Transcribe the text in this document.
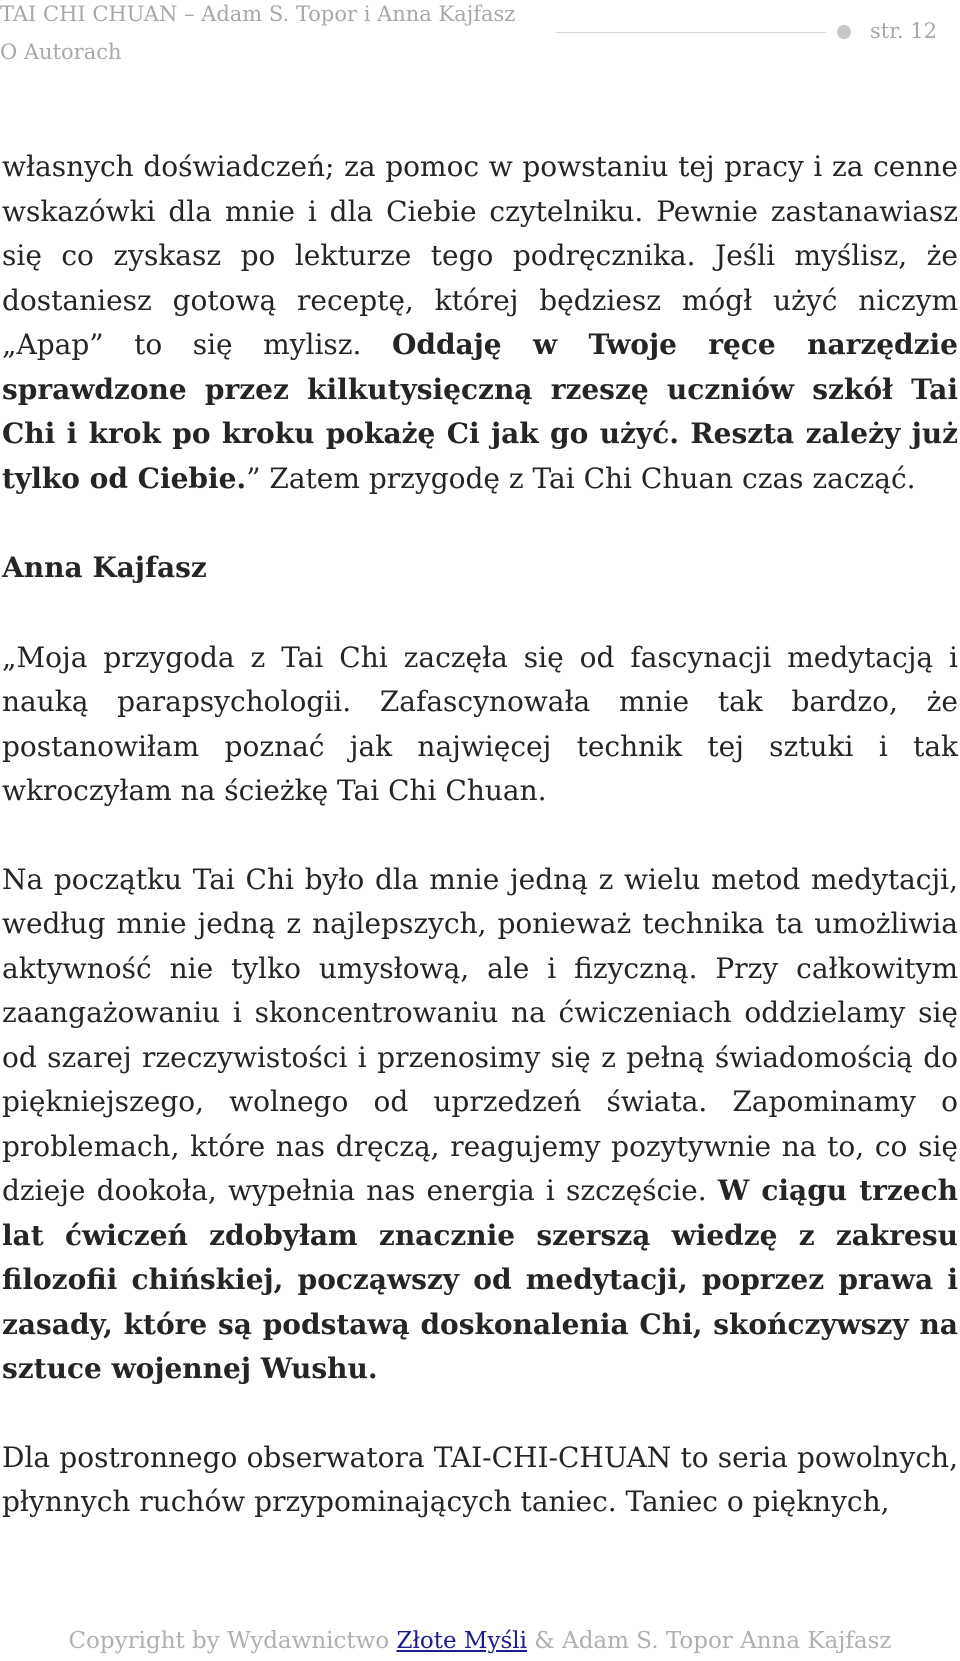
TAI CHI CHUAN – Adam S. Topor i Anna Kajfasz
O Autorach
str. 12

własnych doświadczeń; za pomoc w powstaniu tej pracy i za cenne wskazówki dla mnie i dla Ciebie czytelniku. Pewnie zastanawiasz się co zyskasz po lekturze tego podręcznika. Jeśli myślisz, że dostaniesz gotową receptę, której będziesz mógł użyć niczym „Apap” to się mylisz. Oddaję w Twoje ręce narzędzie sprawdzone przez kilkutysięczną rzeszę uczniów szkół Tai Chi i krok po kroku pokażę Ci jak go użyć. Reszta zależy już tylko od Ciebie.” Zatem przygodę z Tai Chi Chuan czas zacząć.

Anna Kajfasz

„Moja przygoda z Tai Chi zaczęła się od fascynacji medytacją i nauką parapsychologii. Zafascynowała mnie tak bardzo, że postanowiłam poznać jak najwięcej technik tej sztuki i tak wkroczyłam na ścieżkę Tai Chi Chuan.

Na początku Tai Chi było dla mnie jedną z wielu metod medytacji, według mnie jedną z najlepszych, ponieważ technika ta umożliwia aktywność nie tylko umysłową, ale i fizyczną. Przy całkowitym zaangażowaniu i skoncentrowaniu na ćwiczeniach oddzielamy się od szarej rzeczywistości i przenosimy się z pełną świadomością do piękniejszego, wolnego od uprzedzeń świata. Zapominamy o problemach, które nas dręczą, reagujemy pozytywnie na to, co się dzieje dookoła, wypełnia nas energia i szczęście. W ciągu trzech lat ćwiczeń zdobyłam znacznie szerszą wiedzę z zakresu filozofii chińskiej, począwszy od medytacji, poprzez prawa i zasady, które są podstawą doskonalenia Chi, skończywszy na sztuce wojennej Wushu.

Dla postronnego obserwatora TAI-CHI-CHUAN to seria powolnych, płynnych ruchów przypominających taniec. Taniec o pięknych,

Copyright by Wydawnictwo Złote Myśli & Adam S. Topor Anna Kajfasz
